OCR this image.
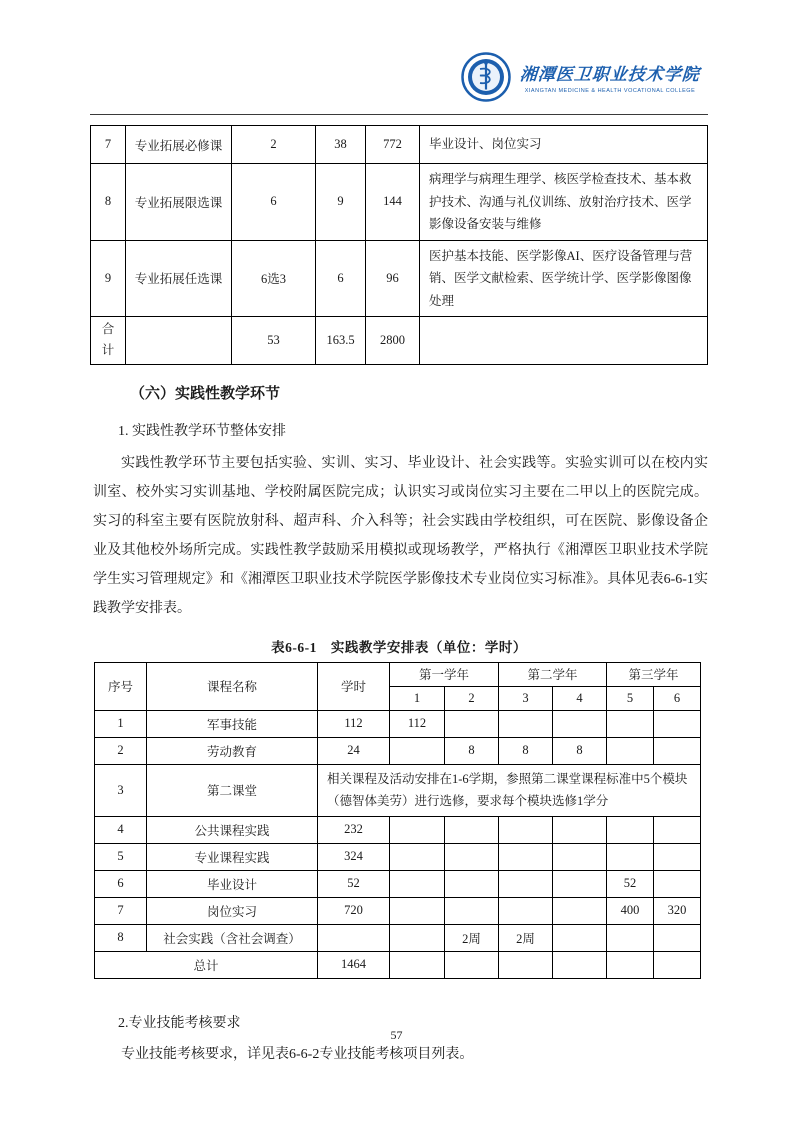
湘潭医卫职业技术学院
XIANGTAN MEDICINE & HEALTH VOCATIONAL COLLEGE
7	专业拓展必修课	2	38	772	毕业设计、岗位实习
8	专业拓展限选课	6	9	144	病理学与病理生理学、核医学检查技术、基本救护技术、沟通与礼仪训练、放射治疗技术、医学影像设备安装与维修
9	专业拓展任选课	6选3	6	96	医护基本技能、医学影像AI、医疗设备管理与营销、医学文献检索、医学统计学、医学影像图像处理
合计		53	163.5	2800	
（六）实践性教学环节
1. 实践性教学环节整体安排

实践性教学环节主要包括实验、实训、实习、毕业设计、社会实践等。实验实训可以在校内实训室、校外实习实训基地、学校附属医院完成；认识实习或岗位实习主要在二甲以上的医院完成。实习的科室主要有医院放射科、超声科、介入科等；社会实践由学校组织，可在医院、影像设备企业及其他校外场所完成。实践性教学鼓励采用模拟或现场教学，严格执行《湘潭医卫职业技术学院学生实习管理规定》和《湘潭医卫职业技术学院医学影像技术专业岗位实习标准》。具体见表6-6-1实践教学安排表。

表6-6-1　实践教学安排表（单位：学时）
序号	课程名称	学时	第一学年		第二学年		第三学年	
			1	2	3	4	5	6
1	军事技能	112	112					
2	劳动教育	24		8	8	8		
3	第二课堂	相关课程及活动安排在1-6学期，参照第二课堂课程标准中5个模块（德智体美劳）进行选修，要求每个模块选修1学分						
4	公共课程实践	232						
5	专业课程实践	324						
6	毕业设计	52					52	
7	岗位实习	720					400	320
8	社会实践（含社会调查）			2周	2周			
总计		1464						
2.专业技能考核要求

专业技能考核要求，详见表6-6-2专业技能考核项目列表。

57
